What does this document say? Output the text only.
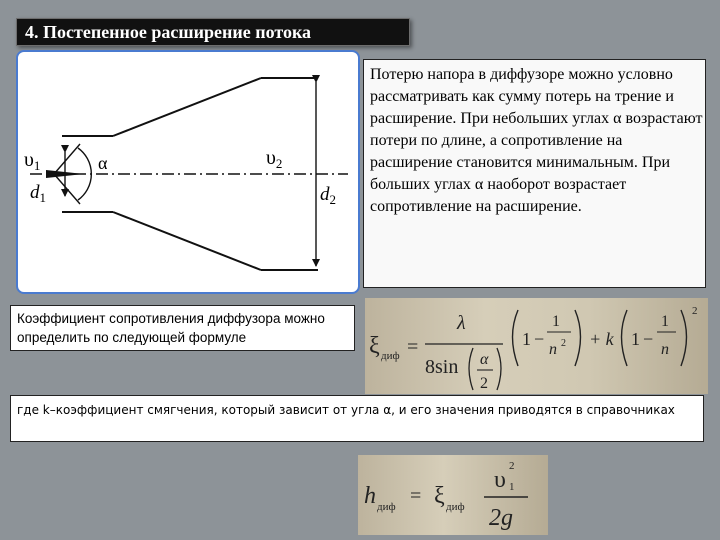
4. Постепенное расширение потока
$\upsilon_1$	α
$d_1$
$\upsilon_2$
$d_2$
Потерю напора в диффузоре можно условно рассматривать как сумму потерь на трение и расширение. При небольших углах α возрастают потери по длине, а сопротивление на расширение становится минимальным. При больших углах α наоборот возрастает сопротивление на расширение.
Коэффициент сопротивления диффузора можно определить по следующей формуле	ξ диф =
λ
8sin α
2
1 −
1
n 2 + k 1 −
1
n
2
где k–коэффициент смягчения, который зависит от угла α, и его значения приводятся в справочниках
h диф = ξ диф
υ
2
1
2g
